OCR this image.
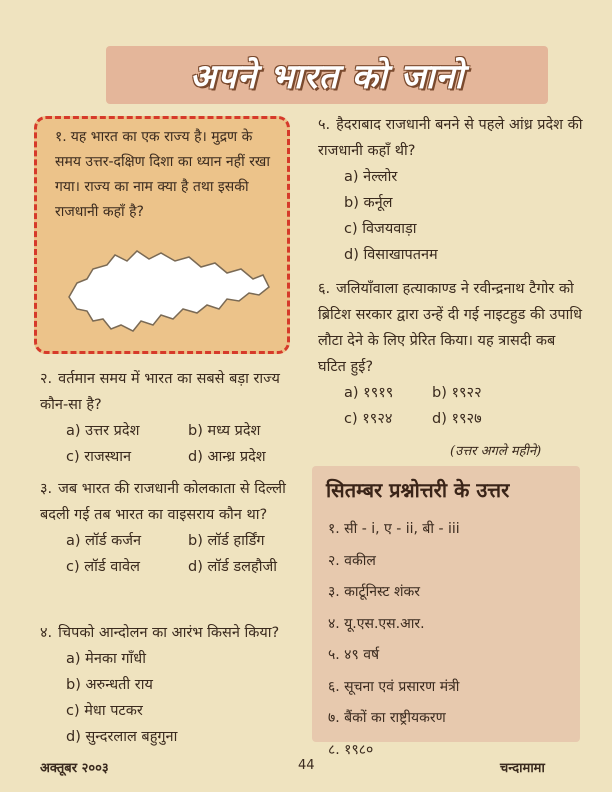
अपने भारत को जानो
१. यह भारत का एक राज्य है। मुद्रण के समय उत्तर-दक्षिण दिशा का ध्यान नहीं रखा गया। राज्य का नाम क्या है तथा इसकी राजधानी कहाँ है?
२. वर्तमान समय में भारत का सबसे बड़ा राज्य कौन-सा है?
a) उत्तर प्रदेश	b) मध्य प्रदेश
c) राजस्थान	d) आन्ध्र प्रदेश
३. जब भारत की राजधानी कोलकाता से दिल्ली बदली गई तब भारत का वाइसराय कौन था?
a) लॉर्ड कर्जन	b) लॉर्ड हार्डिंग
c) लॉर्ड वावेल	d) लॉर्ड डलहौजी
४. चिपको आन्दोलन का आरंभ किसने किया?
a) मेनका गाँधी
b) अरुन्धती राय
c) मेधा पटकर
d) सुन्दरलाल बहुगुना
५. हैदराबाद राजधानी बनने से पहले आंध्र प्रदेश की राजधानी कहाँ थी?
a) नेल्लोर
b) कर्नूल
c) विजयवाड़ा
d) विसाखापतनम
६. जलियाँवाला हत्याकाण्ड ने रवीन्द्रनाथ टैगोर को ब्रिटिश सरकार द्वारा उन्हें दी गई नाइटहुड की उपाधि लौटा देने के लिए प्रेरित किया। यह त्रासदी कब घटित हुई?
a) १९१९	b) १९२२
c) १९२४	d) १९२७
(उत्तर अगले महीने)
सितम्बर प्रश्नोत्तरी के उत्तर
१. सी - i, ए - ii, बी - iii
२. वकील
३. कार्टूनिस्ट शंकर
४. यू.एस.एस.आर.
५. ४९ वर्ष
६. सूचना एवं प्रसारण मंत्री
७. बैंकों का राष्ट्रीयकरण
८. १९८०
अक्तूबर २००३	44	चन्दामामा
